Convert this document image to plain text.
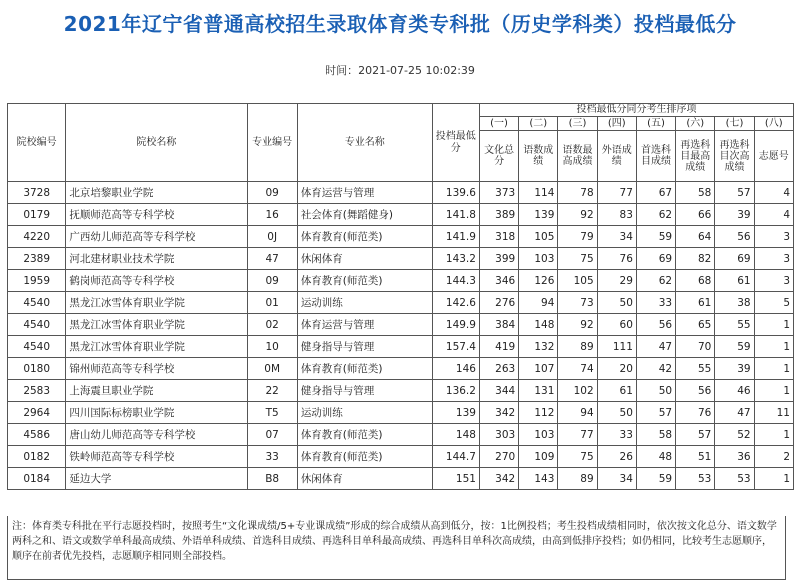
2021年辽宁省普通高校招生录取体育类专科批（历史学科类）投档最低分
时间：2021-07-25 10:02:39
院校编号	院校名称	专业编号	专业名称	投档最低分	投档最低分同分考生排序项							
					(一)	(二)	(三)	(四)	(五)	(六)	(七)	(八)
					文化总分	语数成绩	语数最高成绩	外语成绩	首选科目成绩	再选科目最高成绩	再选科目次高成绩	志愿号
3728	北京培黎职业学院	09	体育运营与管理	139.6	373	114	78	77	67	58	57	4
0179	抚顺师范高等专科学校	16	社会体育(舞蹈健身)	141.8	389	139	92	83	62	66	39	4
4220	广西幼儿师范高等专科学校	0J	体育教育(师范类)	141.9	318	105	79	34	59	64	56	3
2389	河北建材职业技术学院	47	休闲体育	143.2	399	103	75	76	69	82	69	3
1959	鹤岗师范高等专科学校	09	体育教育(师范类)	144.3	346	126	105	29	62	68	61	3
4540	黑龙江冰雪体育职业学院	01	运动训练	142.6	276	94	73	50	33	61	38	5
4540	黑龙江冰雪体育职业学院	02	体育运营与管理	149.9	384	148	92	60	56	65	55	1
4540	黑龙江冰雪体育职业学院	10	健身指导与管理	157.4	419	132	89	111	47	70	59	1
0180	锦州师范高等专科学校	0M	体育教育(师范类)	146	263	107	74	20	42	55	39	1
2583	上海震旦职业学院	22	健身指导与管理	136.2	344	131	102	61	50	56	46	1
2964	四川国际标榜职业学院	T5	运动训练	139	342	112	94	50	57	76	47	11
4586	唐山幼儿师范高等专科学校	07	体育教育(师范类)	148	303	103	77	33	58	57	52	1
0182	铁岭师范高等专科学校	33	体育教育(师范类)	144.7	270	109	75	26	48	51	36	2
0184	延边大学	B8	休闲体育	151	342	143	89	34	59	53	53	1
注：体育类专科批在平行志愿投档时，按照考生“文化课成绩/5+专业课成绩”形成的综合成绩从高到低分，按：1比例投档；考生投档成绩相同时，依次按文化总分、语文数学两科之和、语文或数学单科最高成绩、外语单科成绩、首选科目成绩、再选科目单科最高成绩、再选科目单科次高成绩，由高到低排序投档；如仍相同，比较考生志愿顺序，顺序在前者优先投档，志愿顺序相同则全部投档。
